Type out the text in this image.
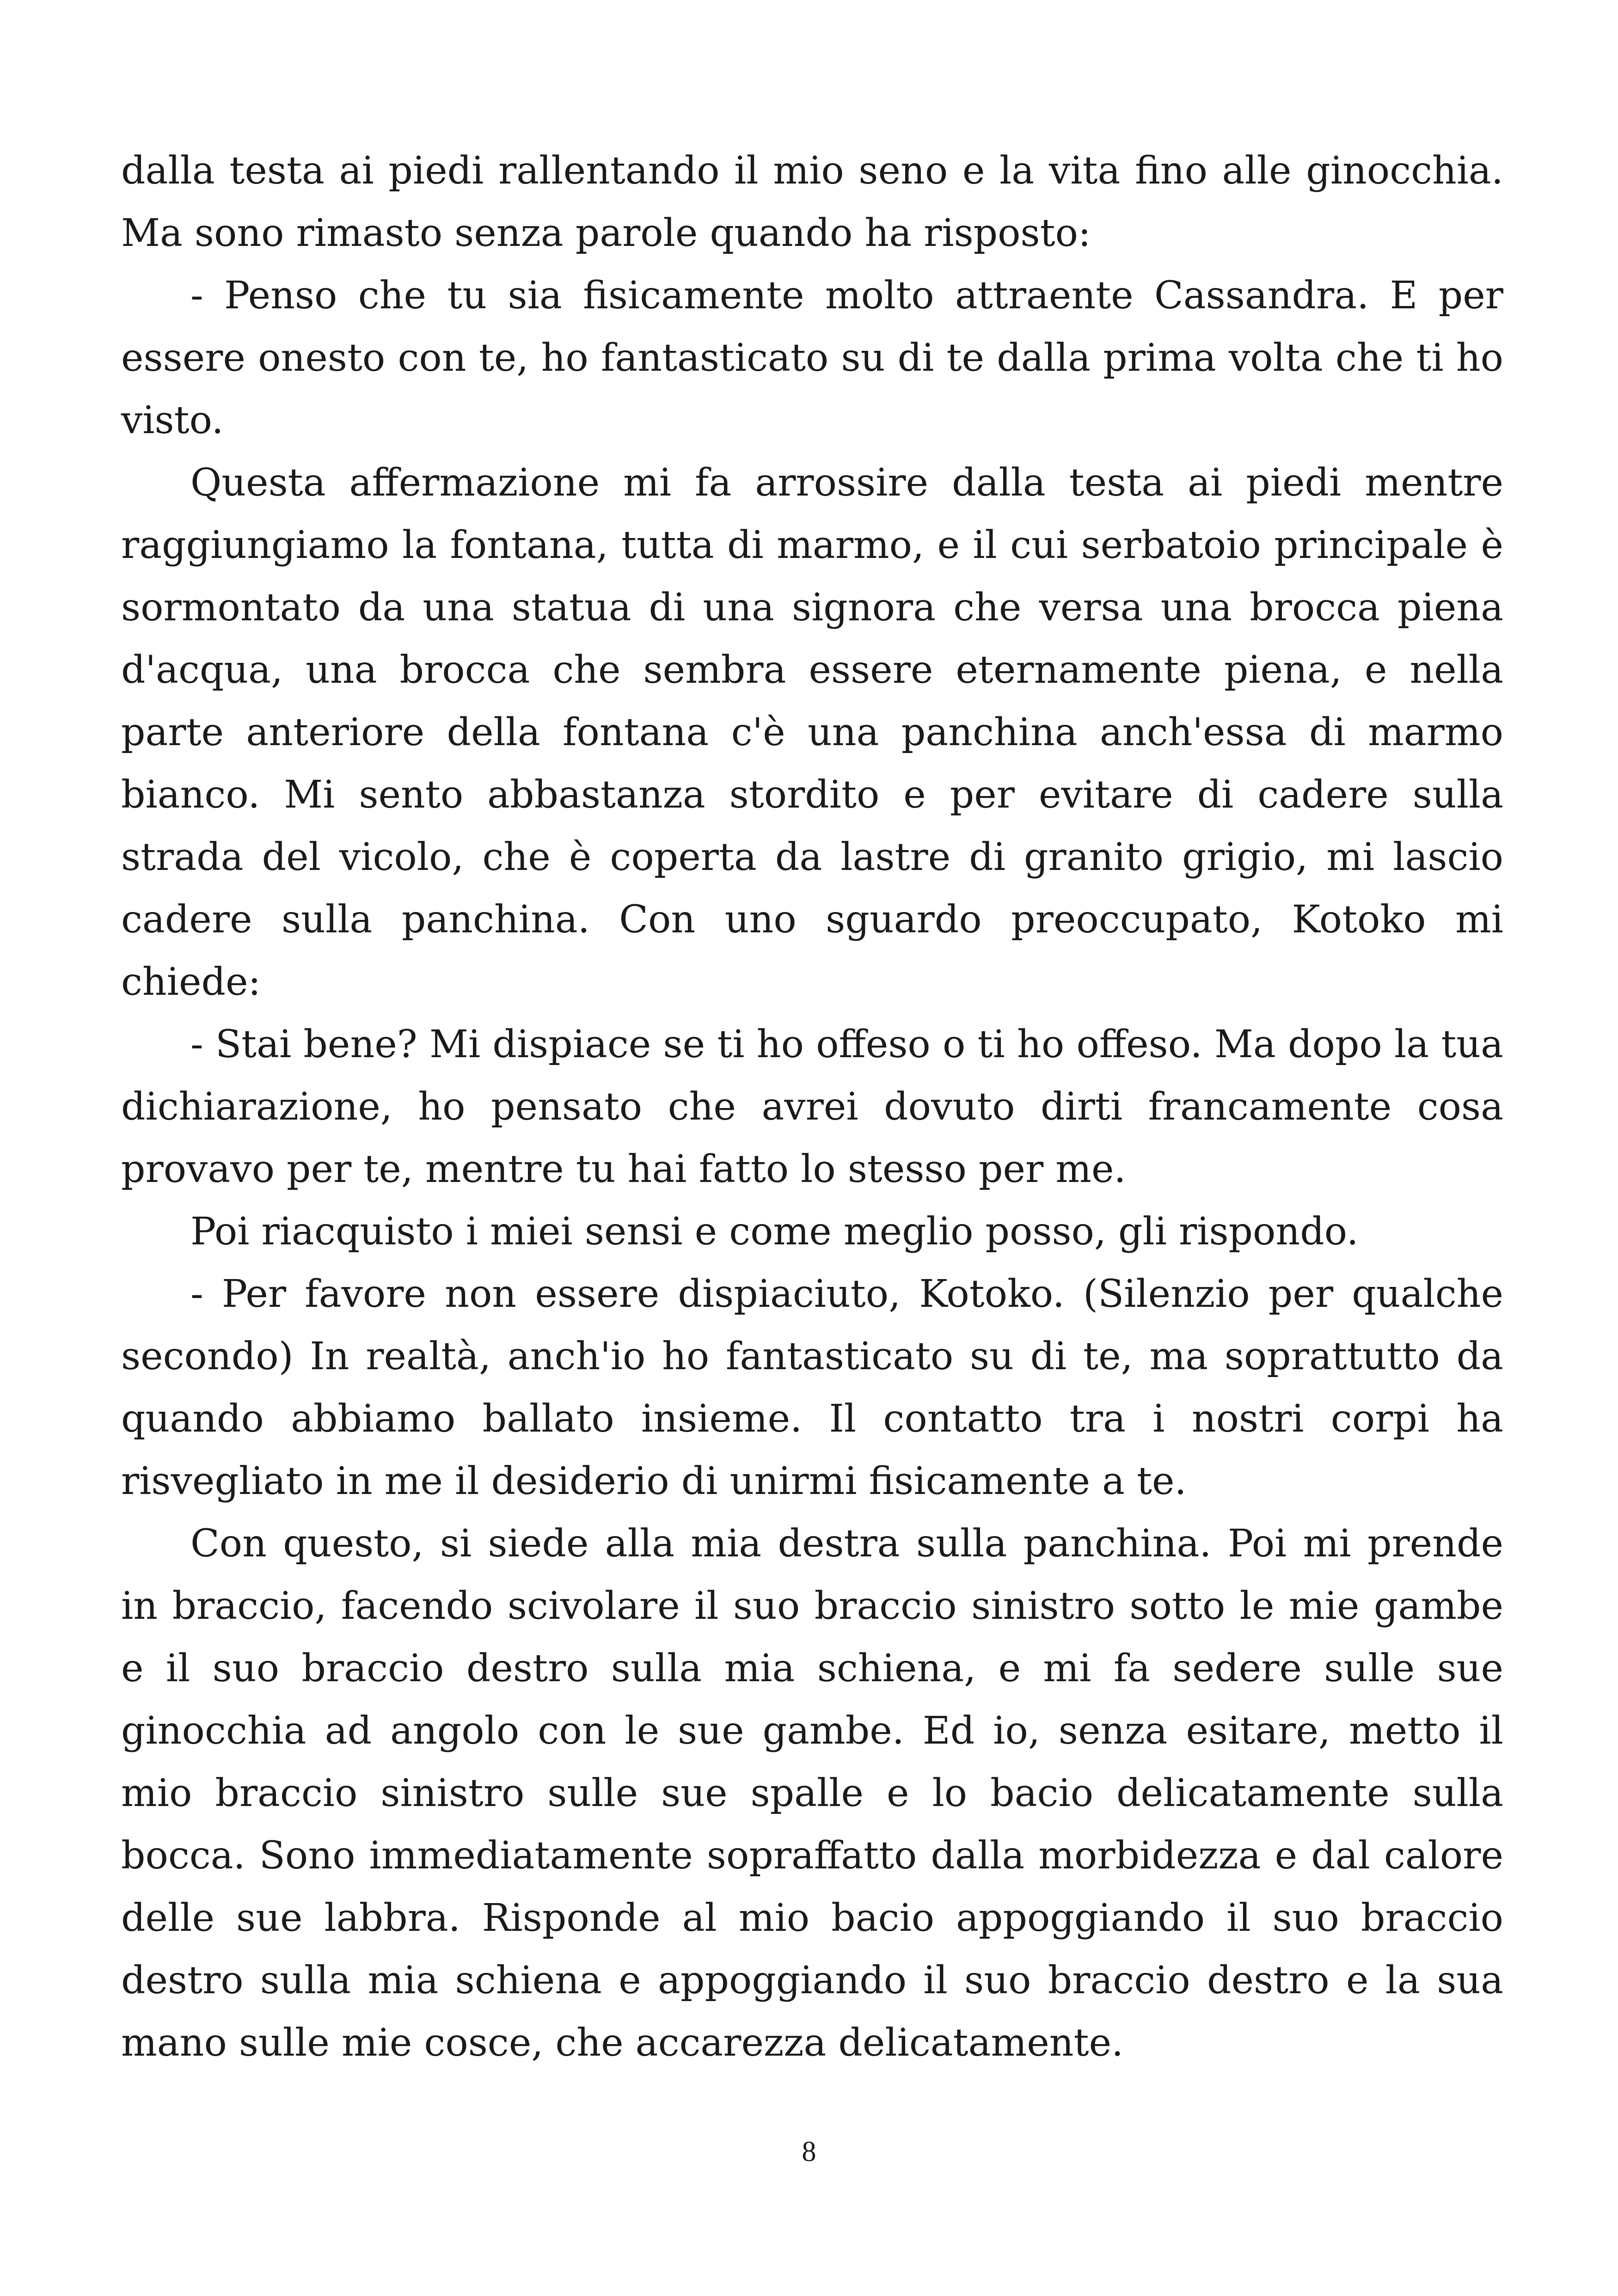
dalla testa ai piedi rallentando il mio seno e la vita fino alle ginocchia. Ma sono rimasto senza parole quando ha risposto:

- Penso che tu sia fisicamente molto attraente Cassandra. E per essere onesto con te, ho fantasticato su di te dalla prima volta che ti ho visto.

Questa affermazione mi fa arrossire dalla testa ai piedi mentre raggiungiamo la fontana, tutta di marmo, e il cui serbatoio principale è sormontato da una statua di una signora che versa una brocca piena d'acqua, una brocca che sembra essere eternamente piena, e nella parte anteriore della fontana c'è una panchina anch'essa di marmo bianco. Mi sento abbastanza stordito e per evitare di cadere sulla strada del vicolo, che è coperta da lastre di granito grigio, mi lascio cadere sulla panchina. Con uno sguardo preoccupato, Kotoko mi chiede:

- Stai bene? Mi dispiace se ti ho offeso o ti ho offeso. Ma dopo la tua dichiarazione, ho pensato che avrei dovuto dirti francamente cosa provavo per te, mentre tu hai fatto lo stesso per me.

Poi riacquisto i miei sensi e come meglio posso, gli rispondo.

- Per favore non essere dispiaciuto, Kotoko. (Silenzio per qualche secondo) In realtà, anch'io ho fantasticato su di te, ma soprattutto da quando abbiamo ballato insieme. Il contatto tra i nostri corpi ha risvegliato in me il desiderio di unirmi fisicamente a te.

Con questo, si siede alla mia destra sulla panchina. Poi mi prende in braccio, facendo scivolare il suo braccio sinistro sotto le mie gambe e il suo braccio destro sulla mia schiena, e mi fa sedere sulle sue ginocchia ad angolo con le sue gambe. Ed io, senza esitare, metto il mio braccio sinistro sulle sue spalle e lo bacio delicatamente sulla bocca. Sono immediatamente sopraffatto dalla morbidezza e dal calore delle sue labbra. Risponde al mio bacio appoggiando il suo braccio destro sulla mia schiena e appoggiando il suo braccio destro e la sua mano sulle mie cosce, che accarezza delicatamente.

8
